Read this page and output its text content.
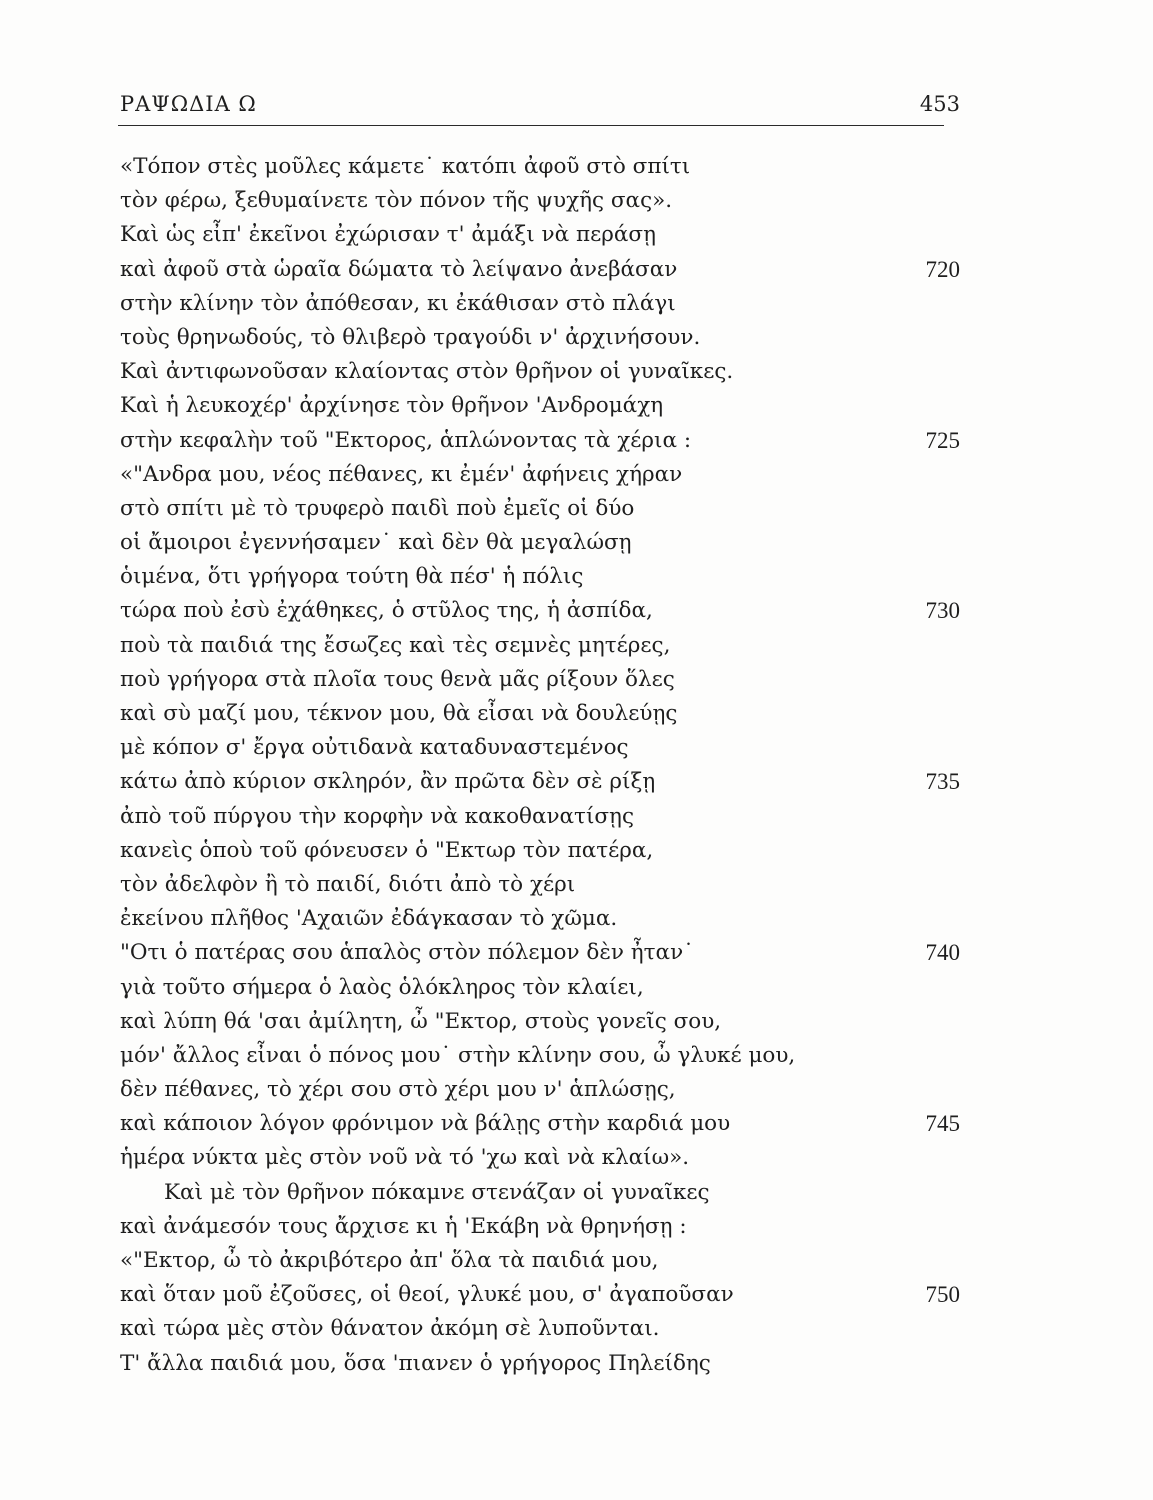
ΡΑΨΩΔΙΑ Ω	453
«Τόπον στὲς μοῦλες κάμετε˙ κατόπι ἀφοῦ στὸ σπίτι
τὸν φέρω, ξεθυμαίνετε τὸν πόνον τῆς ψυχῆς σας».
Καὶ ὡς εἶπ' ἐκεῖνοι ἐχώρισαν τ' ἀμάξι νὰ περάσῃ
καὶ ἀφοῦ στὰ ὡραῖα δώματα τὸ λείψανο ἀνεβάσαν	720
στὴν κλίνην τὸν ἀπόθεσαν, κι ἐκάθισαν στὸ πλάγι
τοὺς θρηνωδούς, τὸ θλιβερὸ τραγούδι ν' ἀρχινήσουν.
Καὶ ἀντιφωνοῦσαν κλαίοντας στὸν θρῆνον οἱ γυναῖκες.
Καὶ ἡ λευκοχέρ' ἀρχίνησε τὸν θρῆνον 'Ανδρομάχη
στὴν κεφαλὴν τοῦ "Εκτορος, ἁπλώνοντας τὰ χέρια :	725
«"Ανδρα μου, νέος πέθανες, κι ἐμέν' ἀφήνεις χήραν
στὸ σπίτι μὲ τὸ τρυφερὸ παιδὶ ποὺ ἐμεῖς οἱ δύο
οἱ ἄμοιροι ἐγεννήσαμεν˙ καὶ δὲν θὰ μεγαλώσῃ
ὁιμένα, ὅτι γρήγορα τούτη θὰ πέσ' ἡ πόλις
τώρα ποὺ ἐσὺ ἐχάθηκες, ὁ στῦλος της, ἡ ἀσπίδα,	730
ποὺ τὰ παιδιά της ἔσωζες καὶ τὲς σεμνὲς μητέρες,
ποὺ γρήγορα στὰ πλοῖα τους θενὰ μᾶς ρίξουν ὅλες
καὶ σὺ μαζί μου, τέκνον μου, θὰ εἶσαι νὰ δουλεύῃς
μὲ κόπον σ' ἔργα οὐτιδανὰ καταδυναστεμένος
κάτω ἀπὸ κύριον σκληρόν, ἂν πρῶτα δὲν σὲ ρίξῃ	735
ἀπὸ τοῦ πύργου τὴν κορφὴν νὰ κακοθανατίσῃς
κανεὶς ὁποὺ τοῦ φόνευσεν ὁ "Εκτωρ τὸν πατέρα,
τὸν ἀδελφὸν ἢ τὸ παιδί, διότι ἀπὸ τὸ χέρι
ἐκείνου πλῆθος 'Αχαιῶν ἐδάγκασαν τὸ χῶμα.
"Οτι ὁ πατέρας σου ἁπαλὸς στὸν πόλεμον δὲν ἦταν˙	740
γιὰ τοῦτο σήμερα ὁ λαὸς ὁλόκληρος τὸν κλαίει,
καὶ λύπη θά 'σαι ἀμίλητη, ὦ "Εκτορ, στοὺς γονεῖς σου,
μόν' ἄλλος εἶναι ὁ πόνος μου˙ στὴν κλίνην σου, ὦ γλυκέ μου,
δὲν πέθανες, τὸ χέρι σου στὸ χέρι μου ν' ἁπλώσῃς,
καὶ κάποιον λόγον φρόνιμον νὰ βάλῃς στὴν καρδιά μου	745
ἡμέρα νύκτα μὲς στὸν νοῦ νὰ τό 'χω καὶ νὰ κλαίω».
Καὶ μὲ τὸν θρῆνον πόκαμνε στενάζαν οἱ γυναῖκες
καὶ ἀνάμεσόν τους ἄρχισε κι ἡ 'Εκάβη νὰ θρηνήσῃ :
«"Εκτορ, ὦ τὸ ἀκριβότερο ἀπ' ὅλα τὰ παιδιά μου,
καὶ ὅταν μοῦ ἐζοῦσες, οἱ θεοί, γλυκέ μου, σ' ἀγαποῦσαν	750
καὶ τώρα μὲς στὸν θάνατον ἀκόμη σὲ λυποῦνται.
Τ' ἄλλα παιδιά μου, ὅσα 'πιανεν ὁ γρήγορος Πηλείδης
